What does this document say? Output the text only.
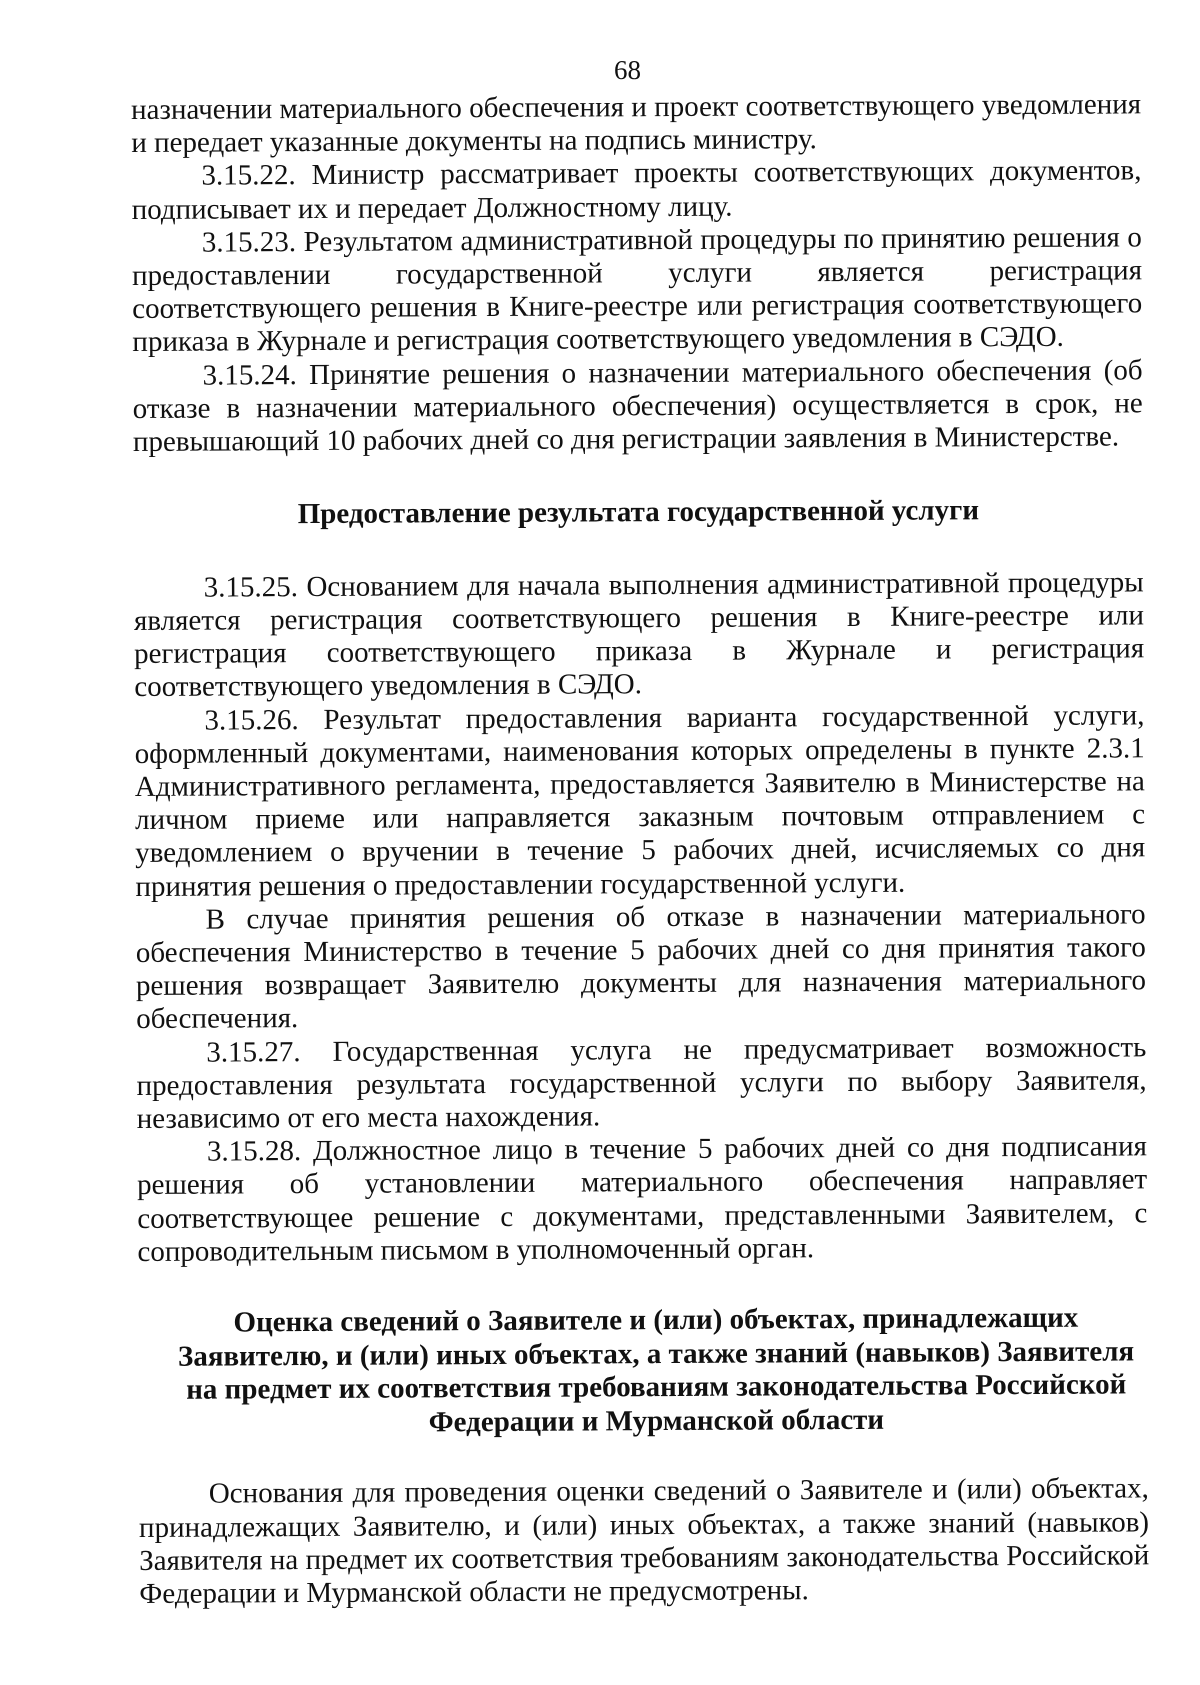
68

назначении материального обеспечения и проект соответствующего уведомления и передает указанные документы на подпись министру.

3.15.22. Министр рассматривает проекты соответствующих документов, подписывает их и передает Должностному лицу.

3.15.23. Результатом административной процедуры по принятию решения о предоставлении государственной услуги является регистрация соответствующего решения в Книге-реестре или регистрация соответствующего приказа в Журнале и регистрация соответствующего уведомления в СЭДО.

3.15.24. Принятие решения о назначении материального обеспечения (об отказе в назначении материального обеспечения) осуществляется в срок, не превышающий 10 рабочих дней со дня регистрации заявления в Министерстве.

Предоставление результата государственной услуги

3.15.25. Основанием для начала выполнения административной процедуры является регистрация соответствующего решения в Книге-реестре или регистрация соответствующего приказа в Журнале и регистрация соответствующего уведомления в СЭДО.

3.15.26. Результат предоставления варианта государственной услуги, оформленный документами, наименования которых определены в пункте 2.3.1 Административного регламента, предоставляется Заявителю в Министерстве на личном приеме или направляется заказным почтовым отправлением с уведомлением о вручении в течение 5 рабочих дней, исчисляемых со дня принятия решения о предоставлении государственной услуги.

В случае принятия решения об отказе в назначении материального обеспечения Министерство в течение 5 рабочих дней со дня принятия такого решения возвращает Заявителю документы для назначения материального обеспечения.

3.15.27. Государственная услуга не предусматривает возможность предоставления результата государственной услуги по выбору Заявителя, независимо от его места нахождения.

3.15.28. Должностное лицо в течение 5 рабочих дней со дня подписания решения об установлении материального обеспечения направляет соответствующее решение с документами, представленными Заявителем, с сопроводительным письмом в уполномоченный орган.

Оценка сведений о Заявителе и (или) объектах, принадлежащих Заявителю, и (или) иных объектах, а также знаний (навыков) Заявителя на предмет их соответствия требованиям законодательства Российской Федерации и Мурманской области

Основания для проведения оценки сведений о Заявителе и (или) объектах, принадлежащих Заявителю, и (или) иных объектах, а также знаний (навыков) Заявителя на предмет их соответствия требованиям законодательства Российской Федерации и Мурманской области не предусмотрены.
